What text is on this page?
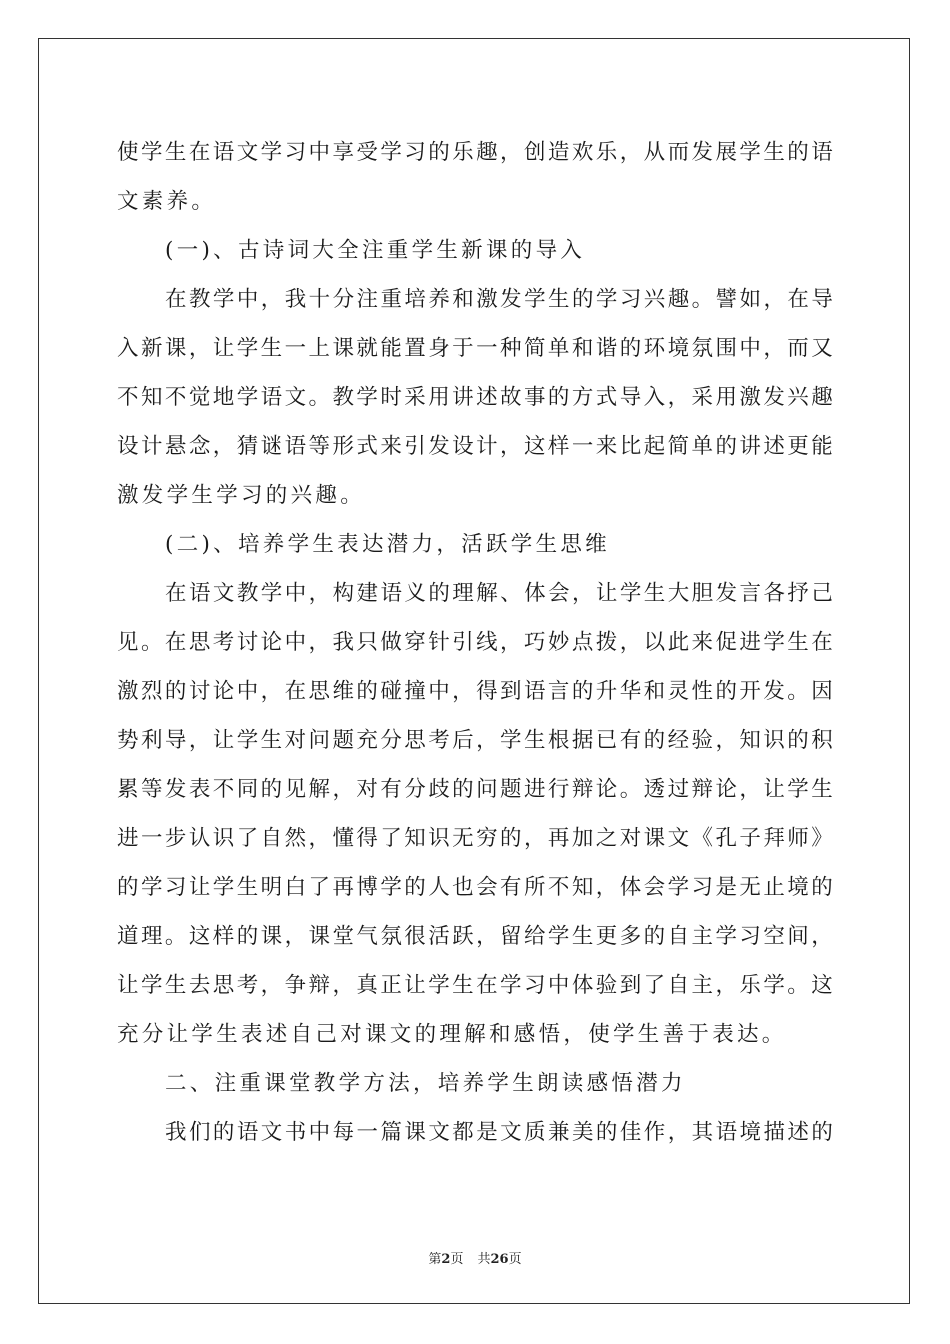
使 学 生 在 语 文 学 习 中 享 受 学 习 的 乐 趣 ， 创 造 欢 乐 ， 从 而 发 展 学 生 的 语
文素养。
(一)、古诗词大全注重学生新课的导入
在 教 学 中 ， 我 十 分 注 重 培 养 和 激 发 学 生 的 学 习 兴 趣 。 譬 如 ， 在 导
入 新 课 ， 让 学 生 一 上 课 就 能 置 身 于 一 种 简 单 和 谐 的 环 境 氛 围 中 ， 而 又
不 知 不 觉 地 学 语 文 。 教 学 时 采 用 讲 述 故 事 的 方 式 导 入 ， 采 用 激 发 兴 趣
设 计 悬 念 ， 猜 谜 语 等 形 式 来 引 发 设 计 ， 这 样 一 来 比 起 简 单 的 讲 述 更 能
激发学生学习的兴趣。
(二)、培养学生表达潜力，活跃学生思维
在 语 文 教 学 中 ， 构 建 语 义 的 理 解 、 体 会 ， 让 学 生 大 胆 发 言 各 抒 己
见 。 在 思 考 讨 论 中 ， 我 只 做 穿 针 引 线 ， 巧 妙 点 拨 ， 以 此 来 促 进 学 生 在
激 烈 的 讨 论 中 ， 在 思 维 的 碰 撞 中 ， 得 到 语 言 的 升 华 和 灵 性 的 开 发 。 因
势 利 导 ， 让 学 生 对 问 题 充 分 思 考 后 ， 学 生 根 据 已 有 的 经 验 ， 知 识 的 积
累 等 发 表 不 同 的 见 解 ， 对 有 分 歧 的 问 题 进 行 辩 论 。 透 过 辩 论 ， 让 学 生
进 一 步 认 识 了 自 然 ， 懂 得 了 知 识 无 穷 的 ， 再 加 之 对 课 文 《 孔 子 拜 师 》
的 学 习 让 学 生 明 白 了 再 博 学 的 人 也 会 有 所 不 知 ， 体 会 学 习 是 无 止 境 的
道 理 。 这 样 的 课 ， 课 堂 气 氛 很 活 跃 ， 留 给 学 生 更 多 的 自 主 学 习 空 间 ，
让 学 生 去 思 考 ， 争 辩 ， 真 正 让 学 生 在 学 习 中 体 验 到 了 自 主 ， 乐 学 。 这
充分让学生表述自己对课文的理解和感悟，使学生善于表达。
二、注重课堂教学方法，培养学生朗读感悟潜力
我 们 的 语 文 书 中 每 一 篇 课 文 都 是 文 质 兼 美 的 佳 作 ， 其 语 境 描 述 的
第2页 共26页
